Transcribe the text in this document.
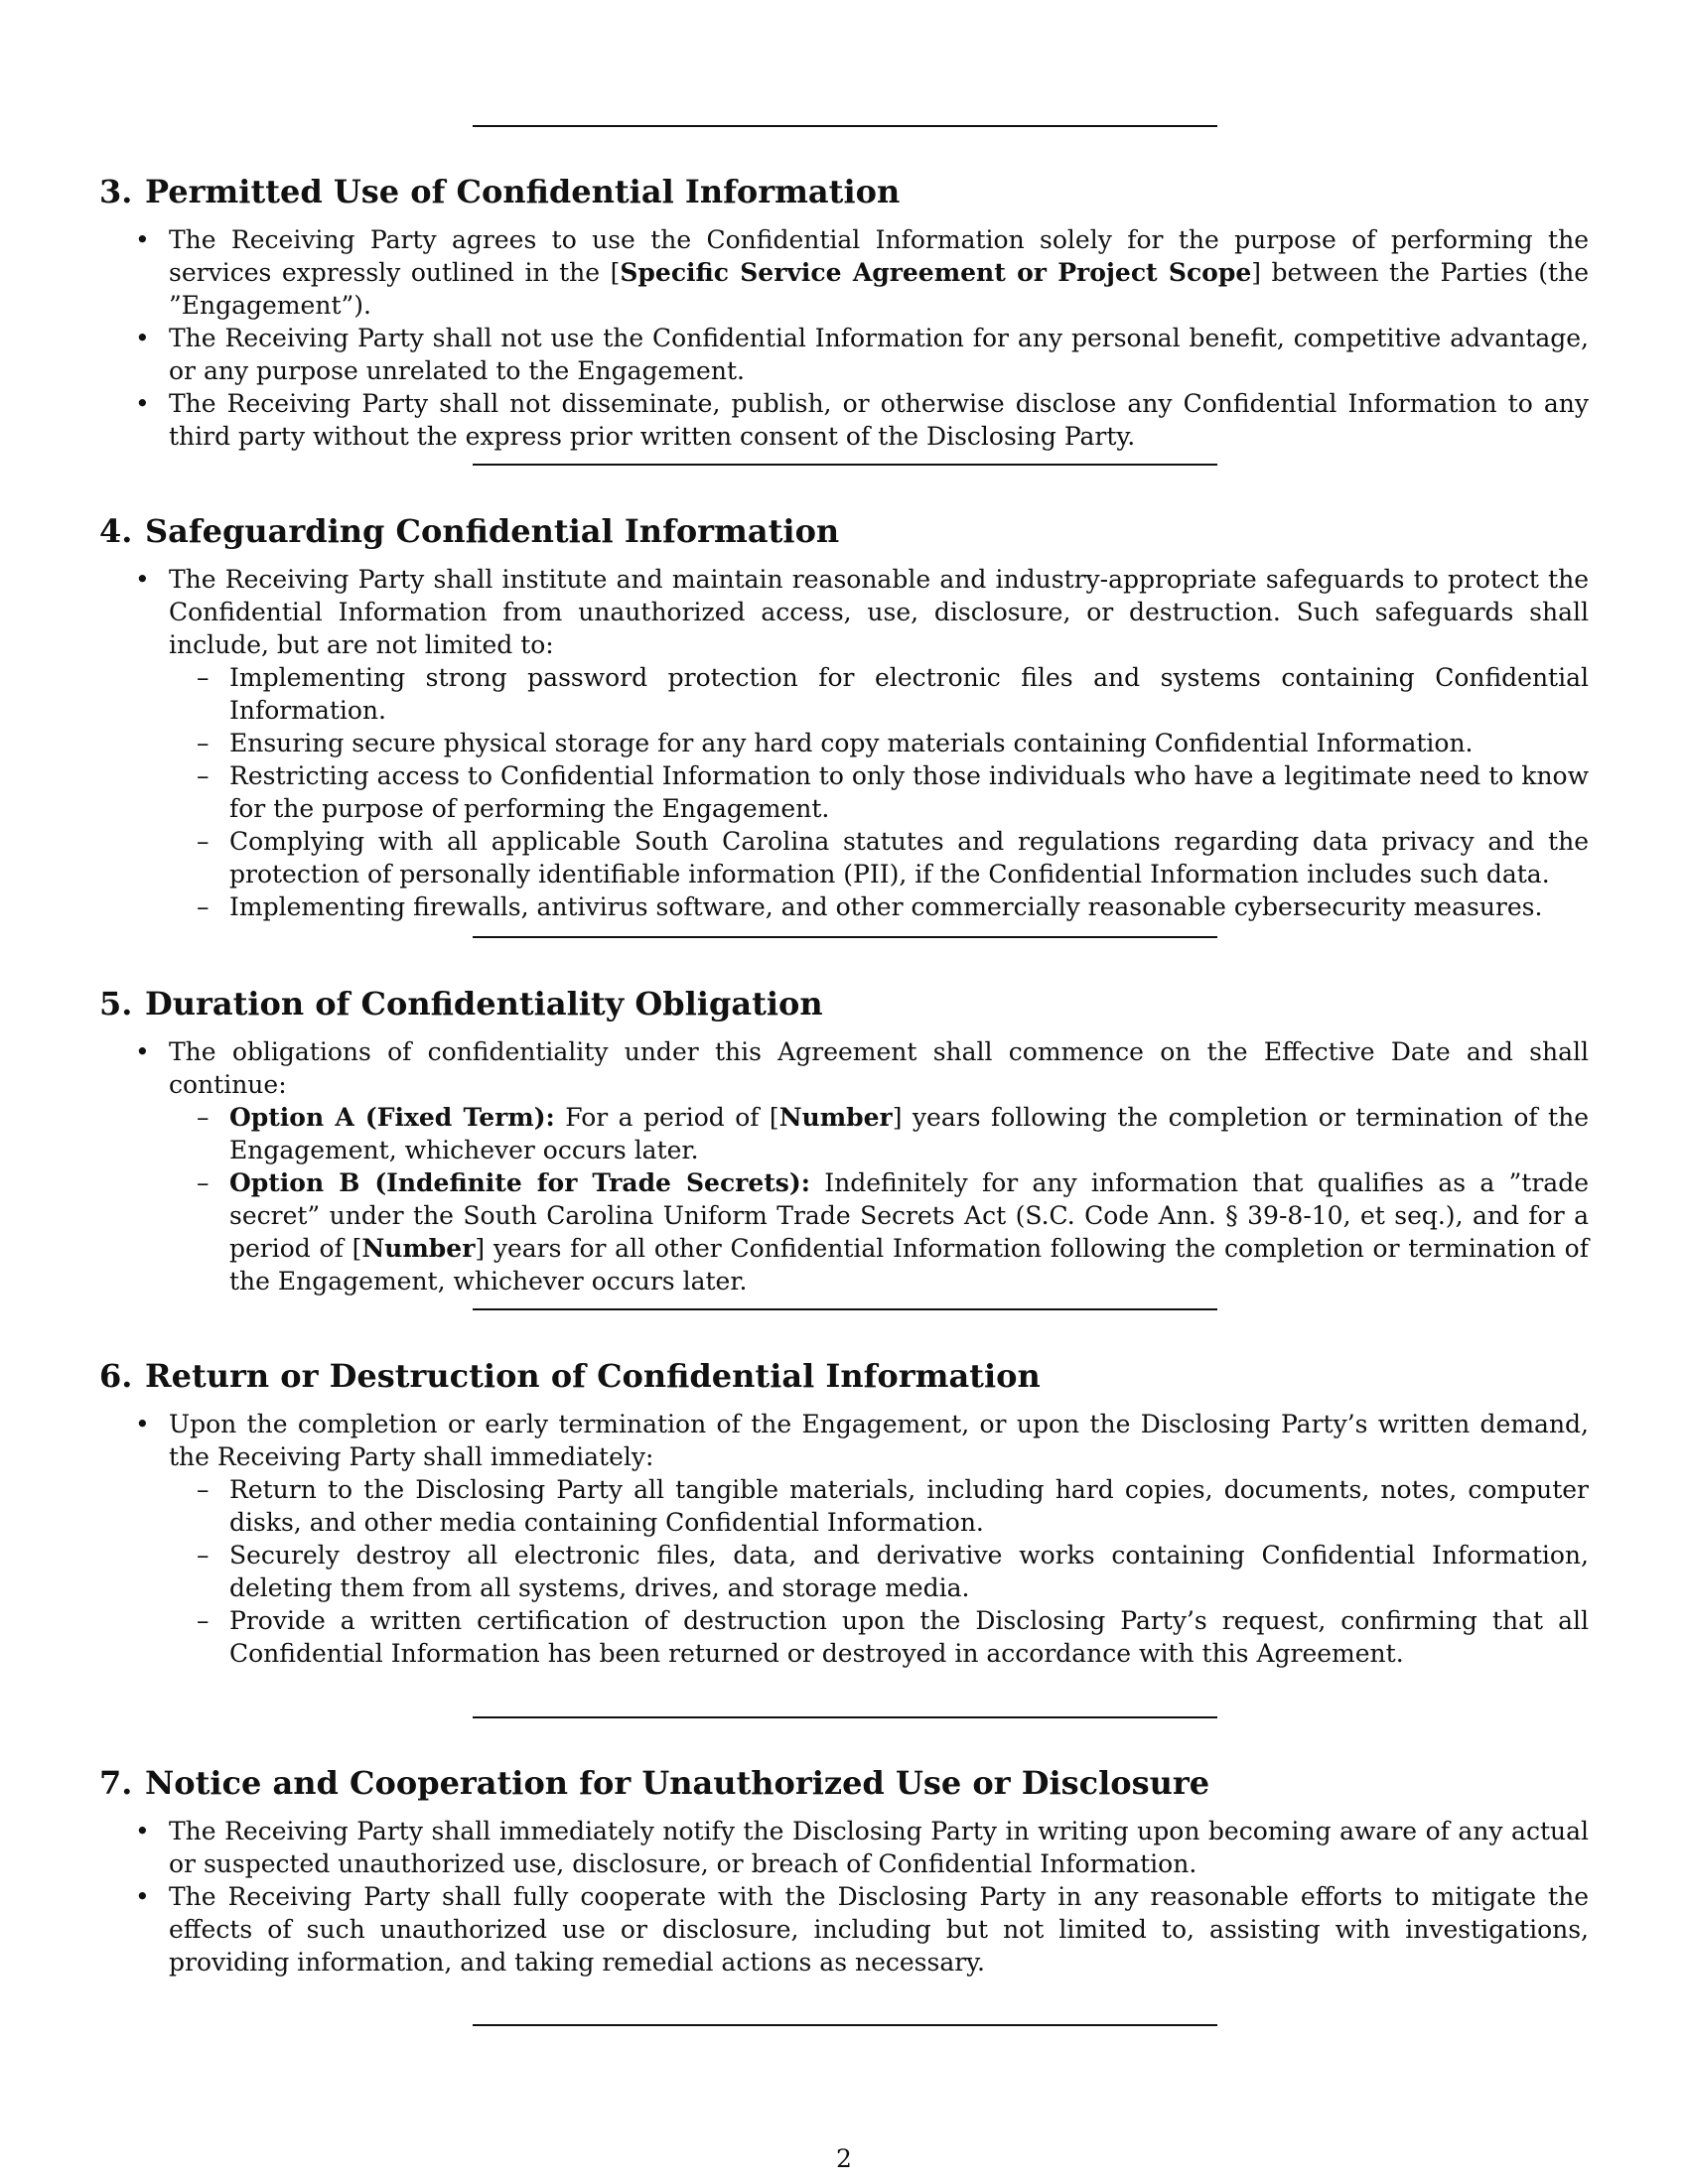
3. Permitted Use of Confidential Information
• The Receiving Party agrees to use the Confidential Information solely for the purpose of performing the services expressly outlined in the [Specific Service Agreement or Project Scope] between the Parties (the ”Engagement”).
• The Receiving Party shall not use the Confidential Information for any personal benefit, competitive advantage, or any purpose unrelated to the Engagement.
• The Receiving Party shall not disseminate, publish, or otherwise disclose any Confidential Information to any third party without the express prior written consent of the Disclosing Party.
4. Safeguarding Confidential Information
• The Receiving Party shall institute and maintain reasonable and industry-appropriate safeguards to protect the Confidential Information from unauthorized access, use, disclosure, or destruction. Such safeguards shall include, but are not limited to:
– Implementing strong password protection for electronic files and systems containing Confidential Information.
– Ensuring secure physical storage for any hard copy materials containing Confidential Information.
– Restricting access to Confidential Information to only those individuals who have a legitimate need to know for the purpose of performing the Engagement.
– Complying with all applicable South Carolina statutes and regulations regarding data privacy and the protection of personally identifiable information (PII), if the Confidential Information includes such data.
– Implementing firewalls, antivirus software, and other commercially reasonable cybersecurity measures.
5. Duration of Confidentiality Obligation
• The obligations of confidentiality under this Agreement shall commence on the Effective Date and shall continue:
– Option A (Fixed Term): For a period of [Number] years following the completion or termination of the Engagement, whichever occurs later.
– Option B (Indefinite for Trade Secrets): Indefinitely for any information that qualifies as a ”trade secret” under the South Carolina Uniform Trade Secrets Act (S.C. Code Ann. § 39-8-10, et seq.), and for a period of [Number] years for all other Confidential Information following the completion or termination of the Engagement, whichever occurs later.
6. Return or Destruction of Confidential Information
• Upon the completion or early termination of the Engagement, or upon the Disclosing Party’s written demand, the Receiving Party shall immediately:
– Return to the Disclosing Party all tangible materials, including hard copies, documents, notes, computer disks, and other media containing Confidential Information.
– Securely destroy all electronic files, data, and derivative works containing Confidential Information, deleting them from all systems, drives, and storage media.
– Provide a written certification of destruction upon the Disclosing Party’s request, confirming that all Confidential Information has been returned or destroyed in accordance with this Agreement.
7. Notice and Cooperation for Unauthorized Use or Disclosure
• The Receiving Party shall immediately notify the Disclosing Party in writing upon becoming aware of any actual or suspected unauthorized use, disclosure, or breach of Confidential Information.
• The Receiving Party shall fully cooperate with the Disclosing Party in any reasonable efforts to mitigate the effects of such unauthorized use or disclosure, including but not limited to, assisting with investigations, providing information, and taking remedial actions as necessary.
2
